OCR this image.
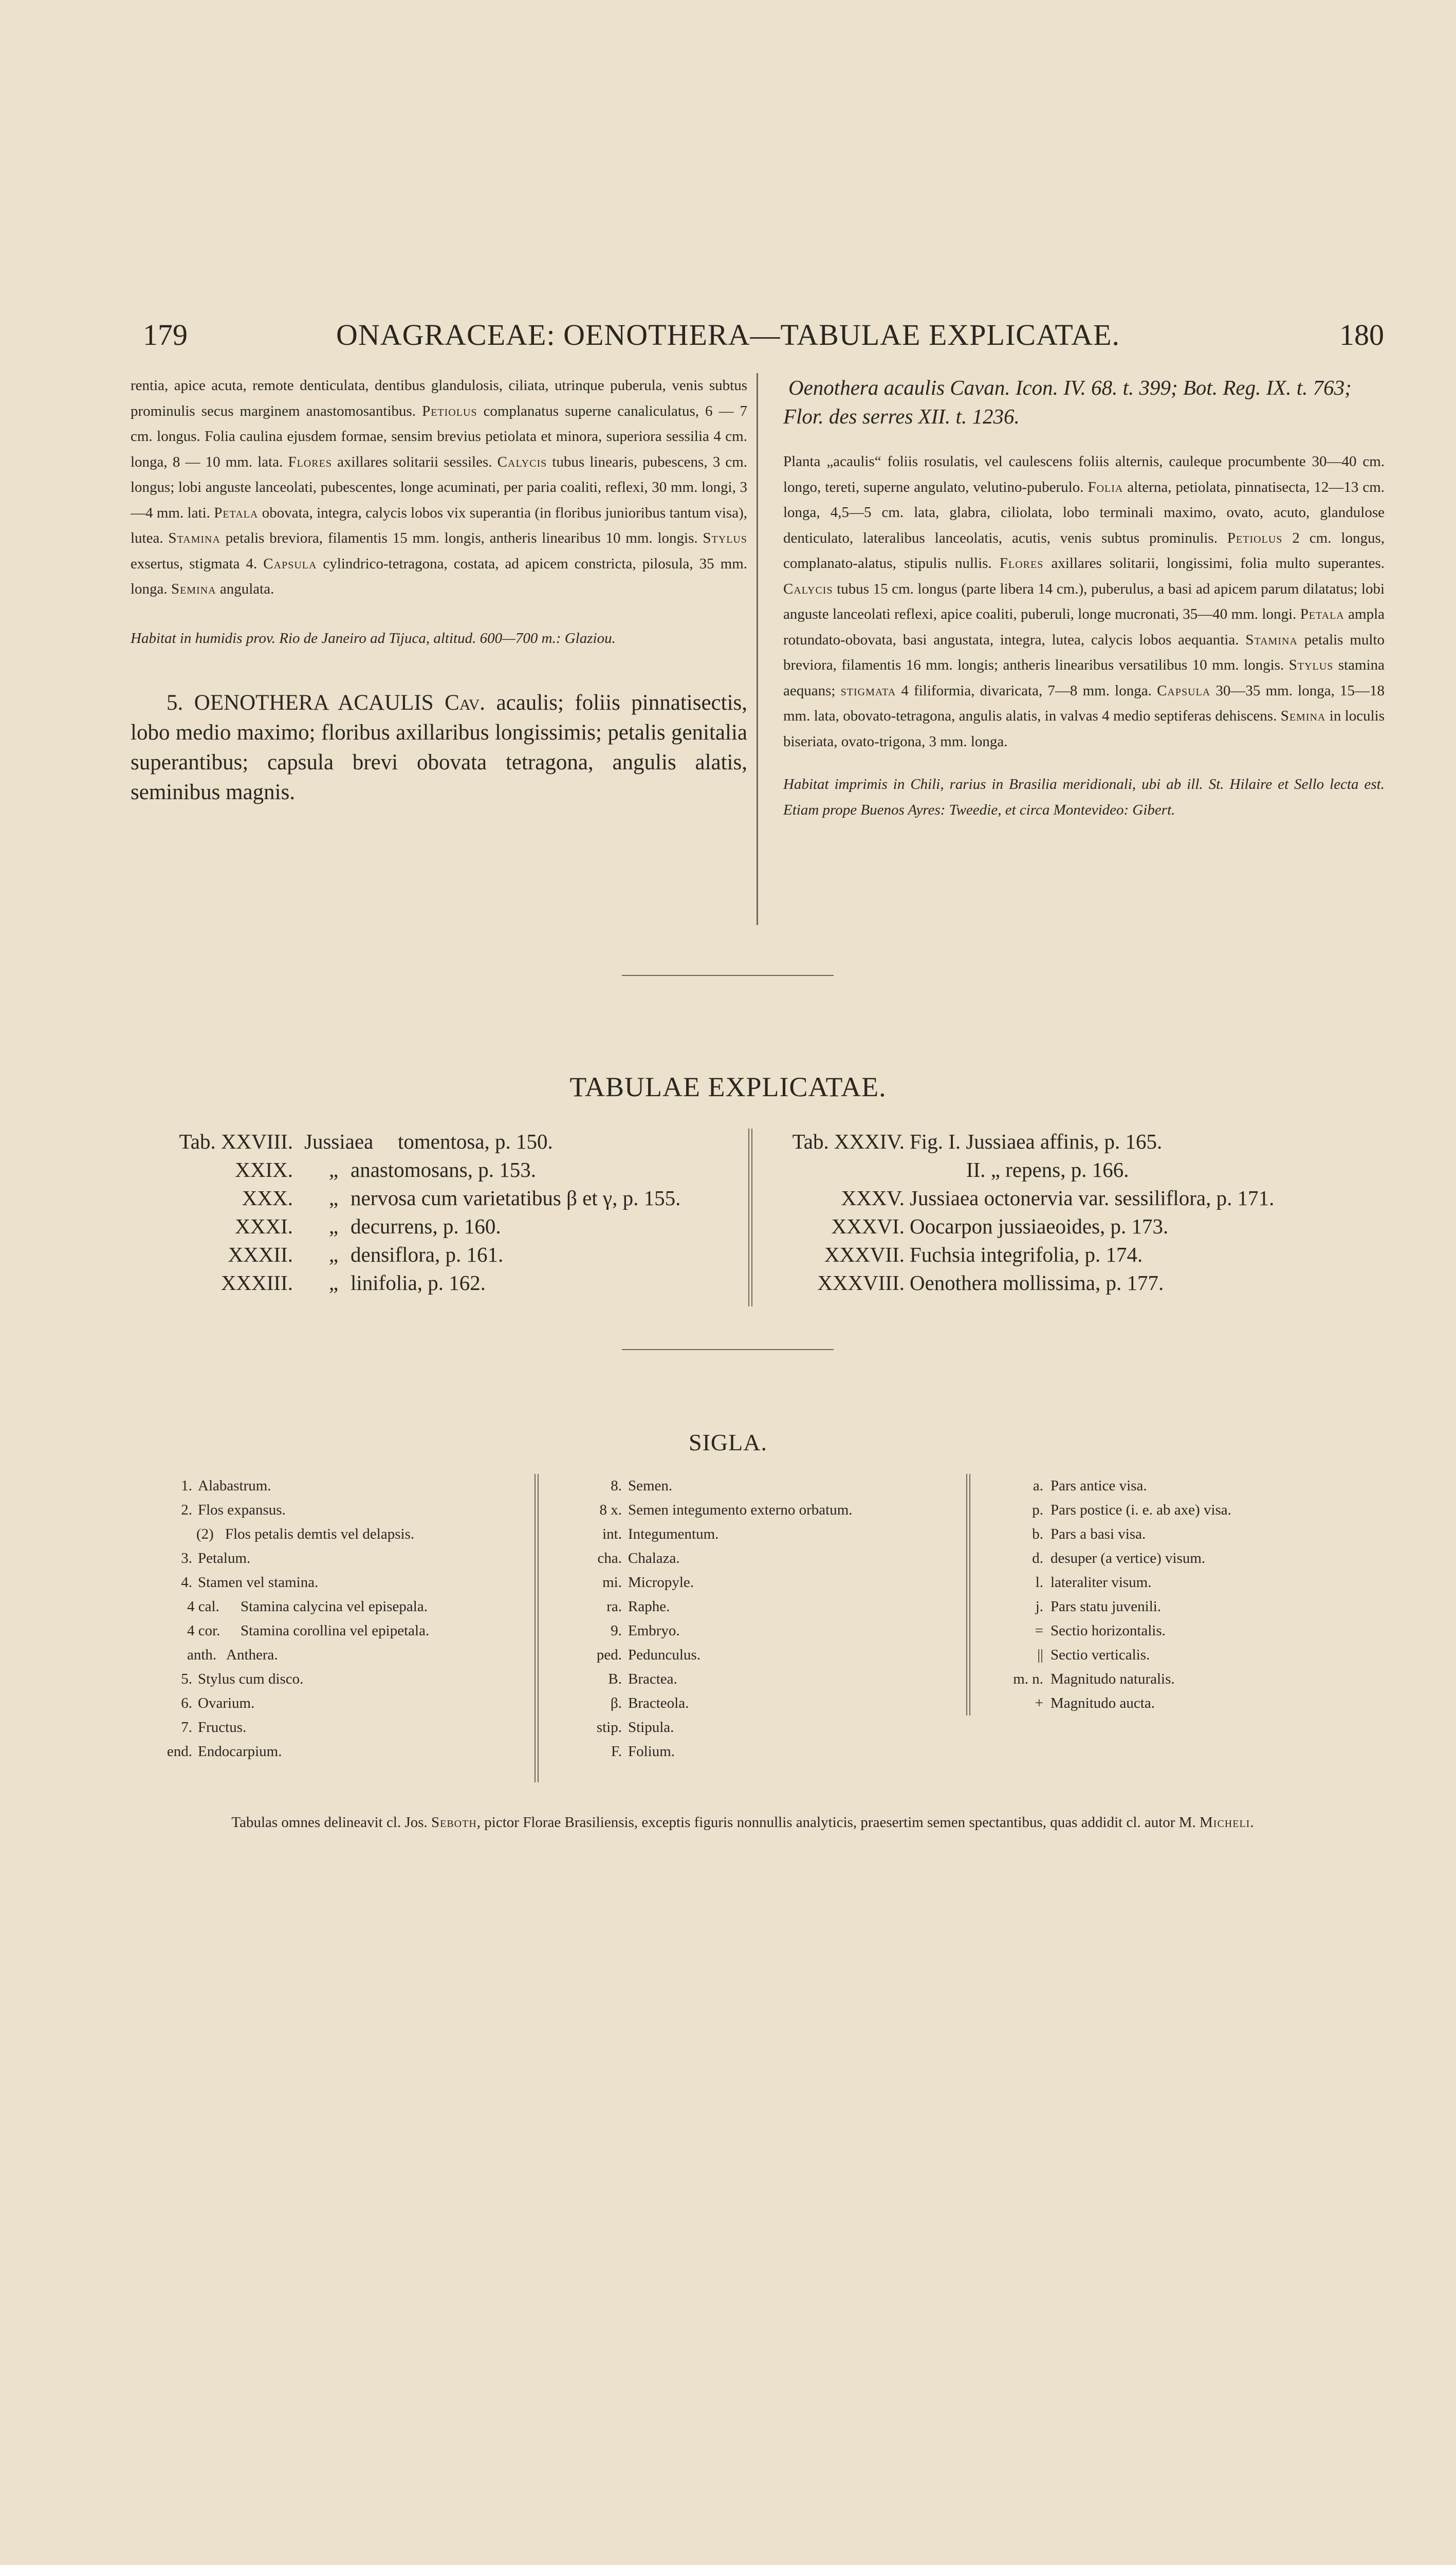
179	ONAGRACEAE: OENOTHERA—TABULAE EXPLICATAE.	180

rentia, apice acuta, remote denticulata, dentibus glandulosis, ciliata, utrinque puberula, venis subtus prominulis secus marginem anastomosantibus. Petiolus complanatus superne canaliculatus, 6 — 7 cm. longus. Folia caulina ejusdem formae, sensim brevius petiolata et minora, superiora sessilia 4 cm. longa, 8 — 10 mm. lata. Flores axillares solitarii sessiles. Calycis tubus linearis, pubescens, 3 cm. longus; lobi anguste lanceolati, pubescentes, longe acuminati, per paria coaliti, reflexi, 30 mm. longi, 3—4 mm. lati. Petala obovata, integra, calycis lobos vix superantia (in floribus junioribus tantum visa), lutea. Stamina petalis breviora, filamentis 15 mm. longis, antheris linearibus 10 mm. longis. Stylus exsertus, stigmata 4. Capsula cylindrico-tetragona, costata, ad apicem constricta, pilosula, 35 mm. longa. Semina angulata.

Habitat in humidis prov. Rio de Janeiro ad Tijuca, altitud. 600—700 m.: Glaziou.

5. OENOTHERA ACAULIS Cav. acaulis; foliis pinnatisectis, lobo medio maximo; floribus axillaribus longissimis; petalis genitalia superantibus; capsula brevi obovata tetragona, angulis alatis, seminibus magnis.

Oenothera acaulis Cavan. Icon. IV. 68. t. 399; Bot. Reg. IX. t. 763; Flor. des serres XII. t. 1236.

Planta „acaulis“ foliis rosulatis, vel caulescens foliis alternis, cauleque procumbente 30—40 cm. longo, tereti, superne angulato, velutino-puberulo. Folia alterna, petiolata, pinnatisecta, 12—13 cm. longa, 4,5—5 cm. lata, glabra, ciliolata, lobo terminali maximo, ovato, acuto, glandulose denticulato, lateralibus lanceolatis, acutis, venis subtus prominulis. Petiolus 2 cm. longus, complanato-alatus, stipulis nullis. Flores axillares solitarii, longissimi, folia multo superantes. Calycis tubus 15 cm. longus (parte libera 14 cm.), puberulus, a basi ad apicem parum dilatatus; lobi anguste lanceolati reflexi, apice coaliti, puberuli, longe mucronati, 35—40 mm. longi. Petala ampla rotundato-obovata, basi angustata, integra, lutea, calycis lobos aequantia. Stamina petalis multo breviora, filamentis 16 mm. longis; antheris linearibus versatilibus 10 mm. longis. Stylus stamina aequans; stigmata 4 filiformia, divaricata, 7—8 mm. longa. Capsula 30—35 mm. longa, 15—18 mm. lata, obovato-tetragona, angulis alatis, in valvas 4 medio septiferas dehiscens. Semina in loculis biseriata, ovato-trigona, 3 mm. longa.

Habitat imprimis in Chili, rarius in Brasilia meridionali, ubi ab ill. St. Hilaire et Sello lecta est. Etiam prope Buenos Ayres: Tweedie, et circa Montevideo: Gibert.

TABULAE EXPLICATAE.
Tab. XXVIII. Jussiaea tomentosa, p. 150.
XXIX. „ anastomosans, p. 153.
XXX. „ nervosa cum varietatibus β et γ, p. 155.
XXXI. „ decurrens, p. 160.
XXXII. „ densiflora, p. 161.
XXXIII. „ linifolia, p. 162.
Tab. XXXIV. Fig. I. Jussiaea affinis, p. 165.
II. „ repens, p. 166.
XXXV. Jussiaea octonervia var. sessiliflora, p. 171.
XXXVI. Oocarpon jussiaeoides, p. 173.
XXXVII. Fuchsia integrifolia, p. 174.
XXXVIII. Oenothera mollissima, p. 177.
SIGLA.
1. Alabastrum.
2. Flos expansus.
(2) Flos petalis demtis vel delapsis.
3. Petalum.
4. Stamen vel stamina.
4 cal. Stamina calycina vel episepala.
4 cor. Stamina corollina vel epipetala.
anth. Anthera.
5. Stylus cum disco.
6. Ovarium.
7. Fructus.
end. Endocarpium.
8. Semen.
8 x. Semen integumento externo orbatum.
int. Integumentum.
cha. Chalaza.
mi. Micropyle.
ra. Raphe.
9. Embryo.
ped. Pedunculus.
B. Bractea.
β. Bracteola.
stip. Stipula.
F. Folium.
a. Pars antice visa.
p. Pars postice (i. e. ab axe) visa.
b. Pars a basi visa.
d. desuper (a vertice) visum.
l. lateraliter visum.
j. Pars statu juvenili.
= Sectio horizontalis.
|| Sectio verticalis.
m. n. Magnitudo naturalis.
+ Magnitudo aucta.
Tabulas omnes delineavit cl. Jos. Seboth, pictor Florae Brasiliensis, exceptis figuris nonnullis analyticis, praesertim semen spectantibus, quas addidit cl. autor M. Micheli.
